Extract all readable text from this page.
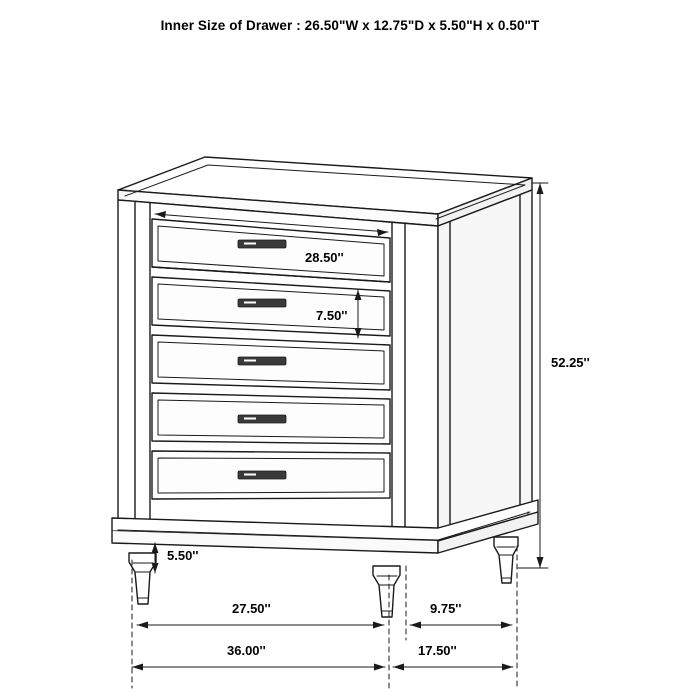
Inner Size of Drawer : 26.50"W x 12.75"D x 5.50"H x 0.50"T
28.50''
7.50''
52.25''
5.50''
27.50''	9.75''
36.00''	17.50''
